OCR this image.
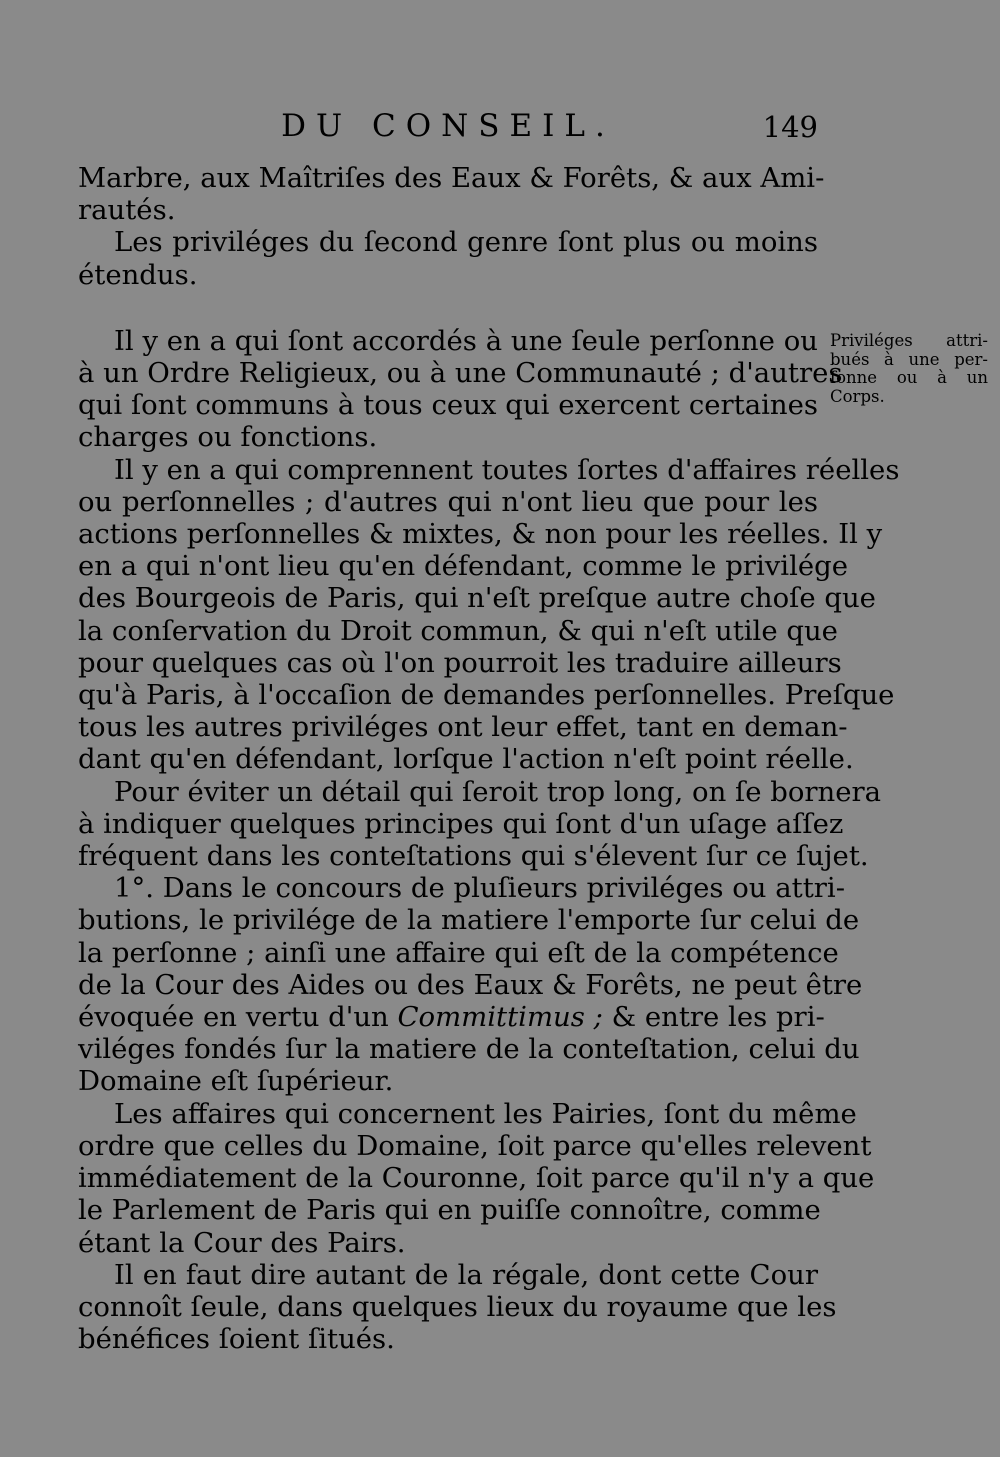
DU CONSEIL.	149
Marbre, aux Maîtriſes des Eaux & Forêts, & aux Ami-
rautés.
Les priviléges du ſecond genre ſont plus ou moins
étendus.
Il y en a qui ſont accordés à une ſeule perſonne ou
à un Ordre Religieux, ou à une Communauté ; d'autres
qui ſont communs à tous ceux qui exercent certaines
charges ou fonctions.
Il y en a qui comprennent toutes ſortes d'affaires réelles
ou perſonnelles ; d'autres qui n'ont lieu que pour les
actions perſonnelles & mixtes, & non pour les réelles. Il y
en a qui n'ont lieu qu'en défendant, comme le privilége
des Bourgeois de Paris, qui n'eſt preſque autre choſe que
la conſervation du Droit commun, & qui n'eſt utile que
pour quelques cas où l'on pourroit les traduire ailleurs
qu'à Paris, à l'occaſion de demandes perſonnelles. Preſque
tous les autres priviléges ont leur effet, tant en deman-
dant qu'en défendant, lorſque l'action n'eſt point réelle.
Pour éviter un détail qui ſeroit trop long, on ſe bornera
à indiquer quelques principes qui ſont d'un uſage aſſez
fréquent dans les conteſtations qui s'élevent ſur ce ſujet.
1°. Dans le concours de pluſieurs priviléges ou attri-
butions, le privilége de la matiere l'emporte ſur celui de
la perſonne ; ainſi une affaire qui eſt de la compétence
de la Cour des Aides ou des Eaux & Forêts, ne peut être
évoquée en vertu d'un Committimus ; & entre les pri-
viléges fondés ſur la matiere de la conteſtation, celui du
Domaine eſt ſupérieur.
Les affaires qui concernent les Pairies, ſont du même
ordre que celles du Domaine, ſoit parce qu'elles relevent
immédiatement de la Couronne, ſoit parce qu'il n'y a que
le Parlement de Paris qui en puiſſe connoître, comme
étant la Cour des Pairs.
Il en faut dire autant de la régale, dont cette Cour
connoît ſeule, dans quelques lieux du royaume que les
bénéfices ſoient ſitués.
Priviléges attri-
bués à une per-
ſonne ou à un
Corps.
